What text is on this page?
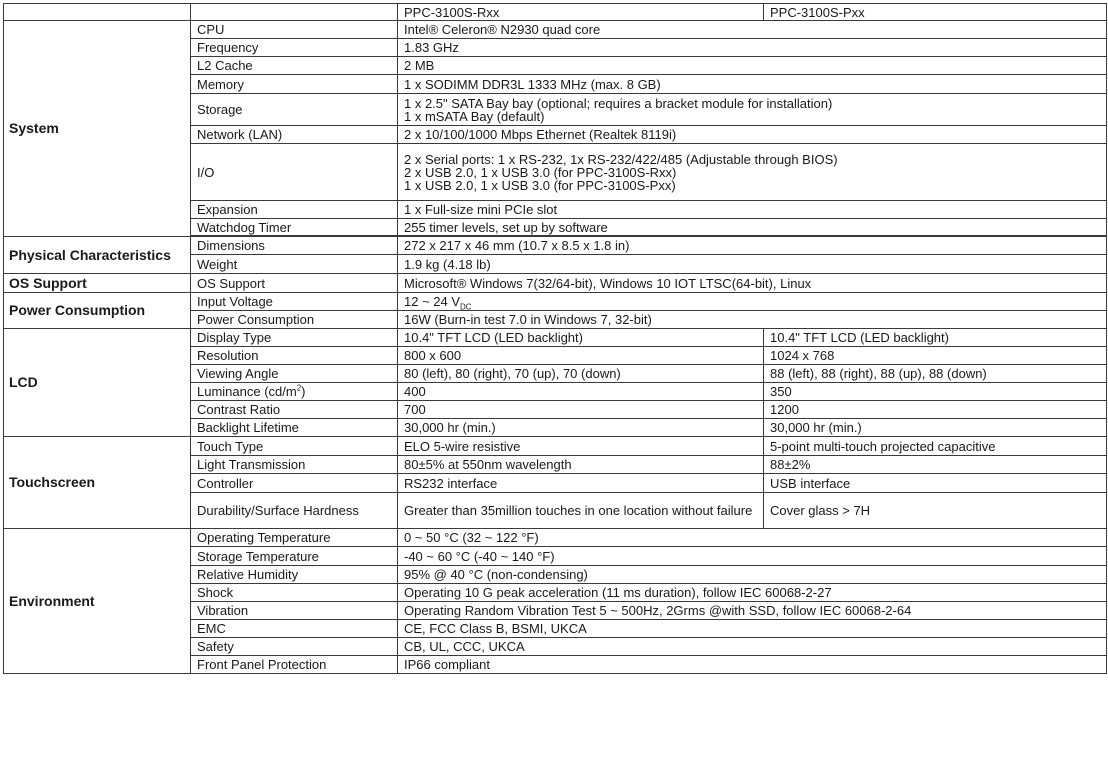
		PPC-3100S-Rxx	PPC-3100S-Pxx
System	CPU	Intel® Celeron® N2930 quad core	
	Frequency	1.83 GHz	
	L2 Cache	2 MB	
	Memory	1 x SODIMM DDR3L 1333 MHz (max. 8 GB)	
	Storage	1 x 2.5" SATA Bay bay (optional; requires a bracket module for installation)
1 x mSATA Bay (default)	

	Network (LAN)	2 x 10/100/1000 Mbps Ethernet (Realtek 8119i)	
	I/O	2 x Serial ports: 1 x RS-232, 1x RS-232/422/485 (Adjustable through BIOS)
2 x USB 2.0, 1 x USB 3.0 (for PPC-3100S-Rxx)
1 x USB 2.0, 1 x USB 3.0 (for PPC-3100S-Pxx)	

	Expansion	1 x Full-size mini PCIe slot	
	Watchdog Timer	255 timer levels, set up by software	

Physical Characteristics	Dimensions	272 x 217 x 46 mm (10.7 x 8.5 x 1.8 in)	
	Weight	1.9 kg (4.18 lb)	
OS Support	OS Support	Microsoft® Windows 7(32/64-bit), Windows 10 IOT LTSC(64-bit), Linux	
Power Consumption	Input Voltage	12 ~ 24 $V_{DC}$
	Power Consumption	16W (Burn-in test 7.0 in Windows 7, 32-bit)	
LCD	Display Type	10.4" TFT LCD (LED backlight)	10.4" TFT LCD (LED backlight)
	Resolution	800 x 600	1024 x 768
	Viewing Angle	80 (left), 80 (right), 70 (up), 70 (down)	88 (left), 88 (right), 88 (up), 88 (down)
	Luminance $(cd/m^2)$	400	350
	Contrast Ratio	700	1200
	Backlight Lifetime	30,000 hr (min.)	30,000 hr (min.)
Touchscreen	Touch Type	ELO 5-wire resistive	5-point multi-touch projected capacitive
	Light Transmission	80±5% at 550nm wavelength	88±2%
	Controller	RS232 interface	USB interface
	Durability/Surface Hardness	Greater than 35million touches in one location without failure	Cover glass > 7H
Environment	Operating Temperature	0 ~ 50 °C (32 ~ 122 °F)	
	Storage Temperature	-40 ~ 60 °C (-40 ~ 140 °F)	
	Relative Humidity	95% @ 40 °C (non-condensing)	
	Shock	Operating 10 G peak acceleration (11 ms duration), follow IEC 60068-2-27	
	Vibration	Operating Random Vibration Test 5 ~ 500Hz, 2Grms @with SSD, follow IEC 60068-2-64	
	EMC	CE, FCC Class B, BSMI, UKCA	
	Safety	CB, UL, CCC, UKCA	
	Front Panel Protection	IP66 compliant	
